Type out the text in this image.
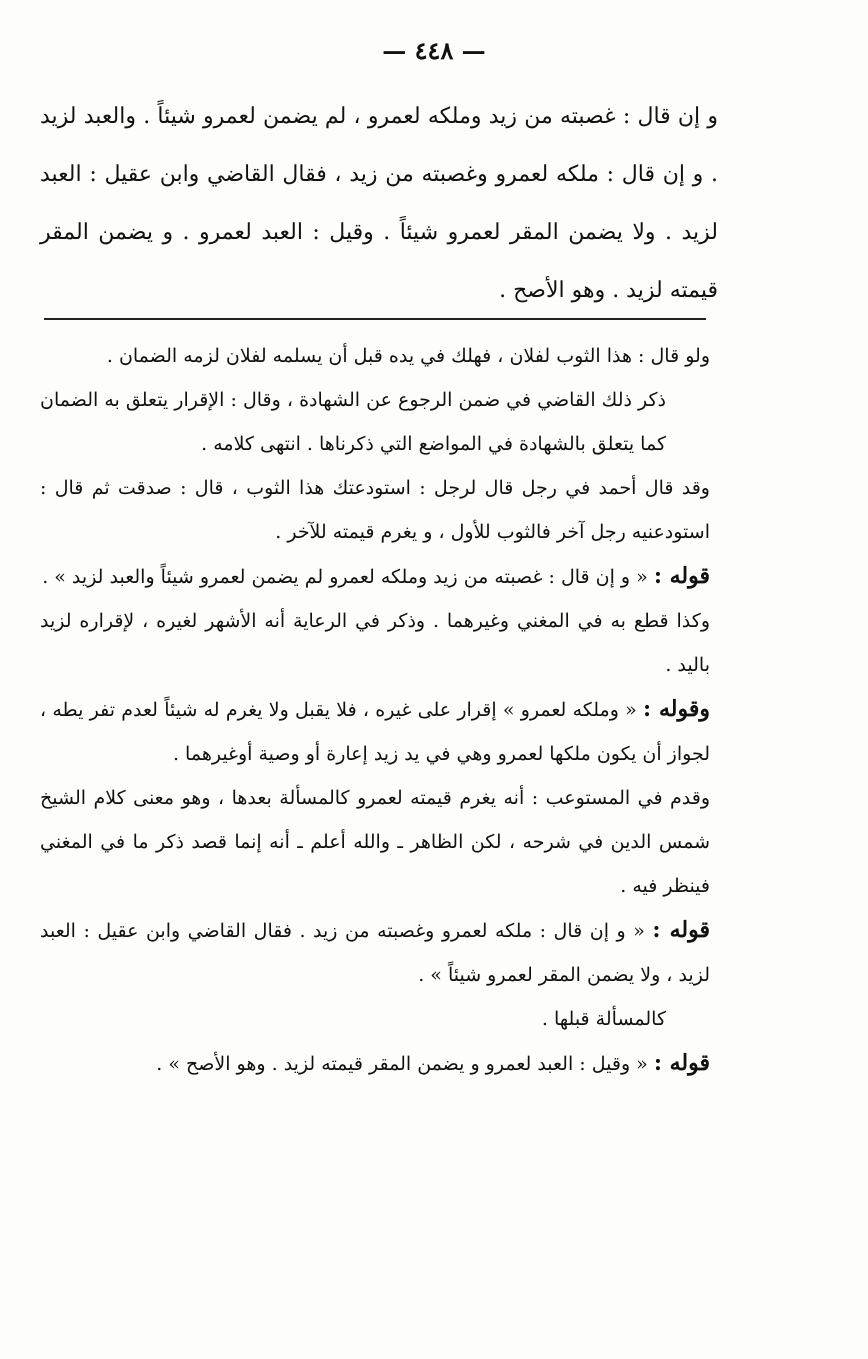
— ٤٤٨ —

و إن قال : غصبته من زيد وملكه لعمرو ، لم يضمن لعمرو شيئاً . والعبد لزيد . و إن قال : ملكه لعمرو وغصبته من زيد ، فقال القاضي وابن عقيل : العبد لزيد . ولا يضمن المقر لعمرو شيئاً . وقيل : العبد لعمرو . و يضمن المقر قيمته لزيد . وهو الأصح .

ولو قال : هذا الثوب لفلان ، فهلك في يده قبل أن يسلمه لفلان لزمه الضمان .

ذكر ذلك القاضي في ضمن الرجوع عن الشهادة ، وقال : الإقرار يتعلق به الضمان كما يتعلق بالشهادة في المواضع التي ذكرناها . انتهى كلامه .

وقد قال أحمد في رجل قال لرجل : استودعتك هذا الثوب ، قال : صدقت ثم قال : استودعنيه رجل آخر فالثوب للأول ، و يغرم قيمته للآخر .

قوله : « و إن قال : غصبته من زيد وملكه لعمرو لم يضمن لعمرو شيئاً والعبد لزيد » .

وكذا قطع به في المغني وغيرهما . وذكر في الرعاية أنه الأشهر لغيره ، لإقراره لزيد باليد .

وقوله : « وملكه لعمرو » إقرار على غيره ، فلا يقبل ولا يغرم له شيئاً لعدم تفر يطه ، لجواز أن يكون ملكها لعمرو وهي في يد زيد إعارة أو وصية أوغيرهما .

وقدم في المستوعب : أنه يغرم قيمته لعمرو كالمسألة بعدها ، وهو معنى كلام الشيخ شمس الدين في شرحه ، لكن الظاهر ـ والله أعلم ـ أنه إنما قصد ذكر ما في المغني فينظر فيه .

قوله : « و إن قال : ملكه لعمرو وغصبته من زيد . فقال القاضي وابن عقيل : العبد لزيد ، ولا يضمن المقر لعمرو شيئاً » .

كالمسألة قبلها .

قوله : « وقيل : العبد لعمرو و يضمن المقر قيمته لزيد . وهو الأصح » .
